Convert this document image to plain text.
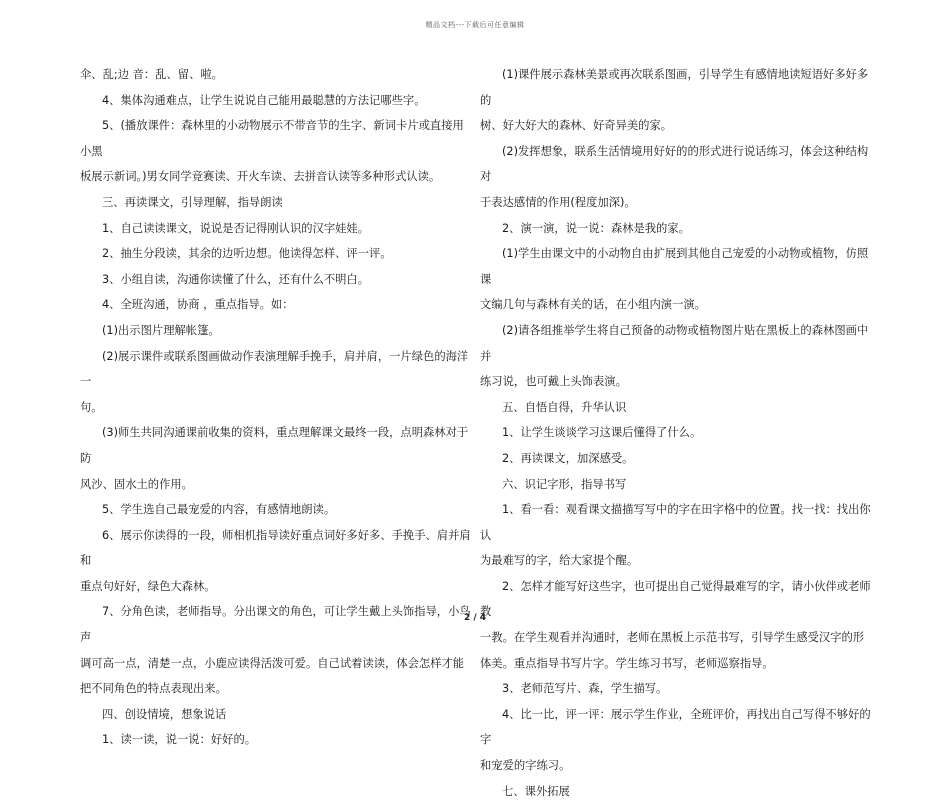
精品文档---下载后可任意编辑

伞、乱;边 音：乱、留、啦。

4、集体沟通难点，让学生说说自己能用最聪慧的方法记哪些字。

5、(播放课件：森林里的小动物展示不带音节的生字、新词卡片或直接用小黑

板展示新词。)男女同学竞赛读、开火车读、去拼音认读等多种形式认读。

三、再读课文，引导理解，指导朗读

1、自己读读课文，说说是否记得刚认识的汉字娃娃。

2、抽生分段读，其余的边听边想。他读得怎样、评一评。

3、小组自读，沟通你读懂了什么，还有什么不明白。

4、全班沟通，协商 ，重点指导。如：

(1)出示图片理解帐篷。

(2)展示课件或联系图画做动作表演理解手挽手，肩并肩，一片绿色的海洋一

句。

(3)师生共同沟通课前收集的资料，重点理解课文最终一段，点明森林对于防

风沙、固水土的作用。

5、学生选自己最宠爱的内容，有感情地朗读。

6、展示你读得的一段，师相机指导读好重点词好多好多、手挽手、肩并肩和

重点句好好，绿色大森林。

7、分角色读，老师指导。分出课文的角色，可让学生戴上头饰指导，小鸟声

调可高一点，清楚一点，小鹿应读得活泼可爱。自己试着读读，体会怎样才能

把不同角色的特点表现出来。

四、创设情境，想象说话

1、读一读，说一说：好好的。

(1)课件展示森林美景或再次联系图画，引导学生有感情地读短语好多好多的

树、好大好大的森林、好奇异美的家。

(2)发挥想象，联系生活情境用好好的的形式进行说话练习，体会这种结构对

于表达感情的作用(程度加深)。

2、演一演，说一说：森林是我的家。

(1)学生由课文中的小动物自由扩展到其他自己宠爱的小动物或植物，仿照课

文编几句与森林有关的话，在小组内演一演。

(2)请各组推举学生将自己预备的动物或植物图片贴在黑板上的森林图画中并

练习说，也可戴上头饰表演。

五、自悟自得，升华认识

1、让学生谈谈学习这课后懂得了什么。

2、再读课文，加深感受。

六、识记字形，指导书写

1、看一看：观看课文描描写写中的字在田字格中的位置。找一找：找出你认

为最难写的字，给大家提个醒。

2、怎样才能写好这些字，也可提出自己觉得最难写的字，请小伙伴或老师教

一教。在学生观看并沟通时，老师在黑板上示范书写，引导学生感受汉字的形

体美。重点指导书写片字。学生练习书写，老师巡察指导。

3、老师范写片、森，学生描写。

4、比一比，评一评：展示学生作业，全班评价，再找出自己写得不够好的字

和宠爱的字练习。

七、课外拓展

2 / 4
